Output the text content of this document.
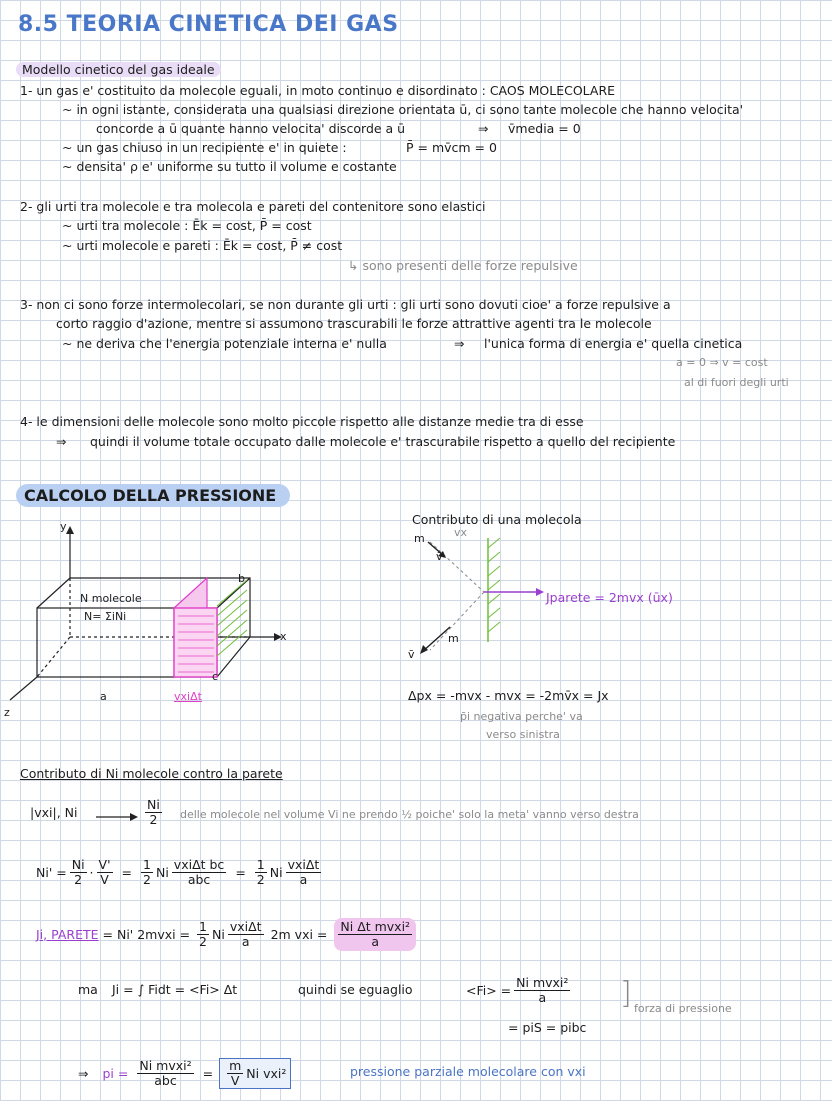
8.5 TEORIA CINETICA DEI GAS
Modello cinetico del gas ideale
1- un gas e' costituito da molecole eguali, in moto continuo e disordinato : CAOS MOLECOLARE
~ in ogni istante, considerata una qualsiasi direzione orientata ū, ci sono tante molecole che hanno velocita'
concorde a ū quante hanno velocita' discorde a ū	⇒ v̄media = 0
~ un gas chiuso in un recipiente e' in quiete :	P̄ = mv̄cm = 0
~ densita' ρ e' uniforme su tutto il volume e costante
2- gli urti tra molecole e tra molecola e pareti del contenitore sono elastici
~ urti tra molecole : Ēk = cost, P̄ = cost
~ urti molecole e pareti : Ēk = cost, P̄ ≠ cost
↳ sono presenti delle forze repulsive
3- non ci sono forze intermolecolari, se non durante gli urti : gli urti sono dovuti cioe' a forze repulsive a
corto raggio d'azione, mentre si assumono trascurabili le forze attrattive agenti tra le molecole
~ ne deriva che l'energia potenziale interna e' nulla	⇒ l'unica forma di energia e' quella cinetica
a = 0 ⇒ v = cost
al di fuori degli urti
4- le dimensioni delle molecole sono molto piccole rispetto alle distanze medie tra di esse
⇒ quindi il volume totale occupato dalle molecole e' trascurabile rispetto a quello del recipiente
CALCOLO DELLA PRESSIONE
y
x
z
N molecole
N= ΣiNi
a
b
c
vxiΔt
Contributo di una molecola
m
v̄
vx
m
v̄
Jparete = 2mvx (ūx)
Δpx = -mvx - mvx = -2mv̄x = Jx
p̄i negativa perche' va
verso sinistra
Contributo di Ni molecole contro la parete
|vxi|, Ni	$\frac{Ni}{2}$ delle molecole nel volume Vi ne prendo ½ poiche' solo la meta' vanno verso destra
$Ni' = \frac{Ni}{2} \cdot \frac{V'}{V} = \frac{1}{2}$ Ni $\frac{\text{vxiΔt bc}}{\text{abc}} = \frac{1}{2}$ Ni $\frac{\text{vxiΔt}}{a}$
Ji, PARETE = Ni' 2mvxi = $\frac{1}{2}$ Ni $\frac{\text{vxiΔt}}{a} 2m$ vxi = $\frac{\text{Ni Δt mvxi²}}{a}$
ma Ji = ∫ Fidt = <Fi> Δt	quindi se eguaglio	$<Fi> = \frac{\text{Ni mvxi²}}{a}$
= piS = pibc
] forza di pressione
⇒ pi = $\frac{\text{Ni mvxi²}}{\text{abc}} = \frac{m}{V}$ Ni vxi²	pressione parziale molecolare con vxi
